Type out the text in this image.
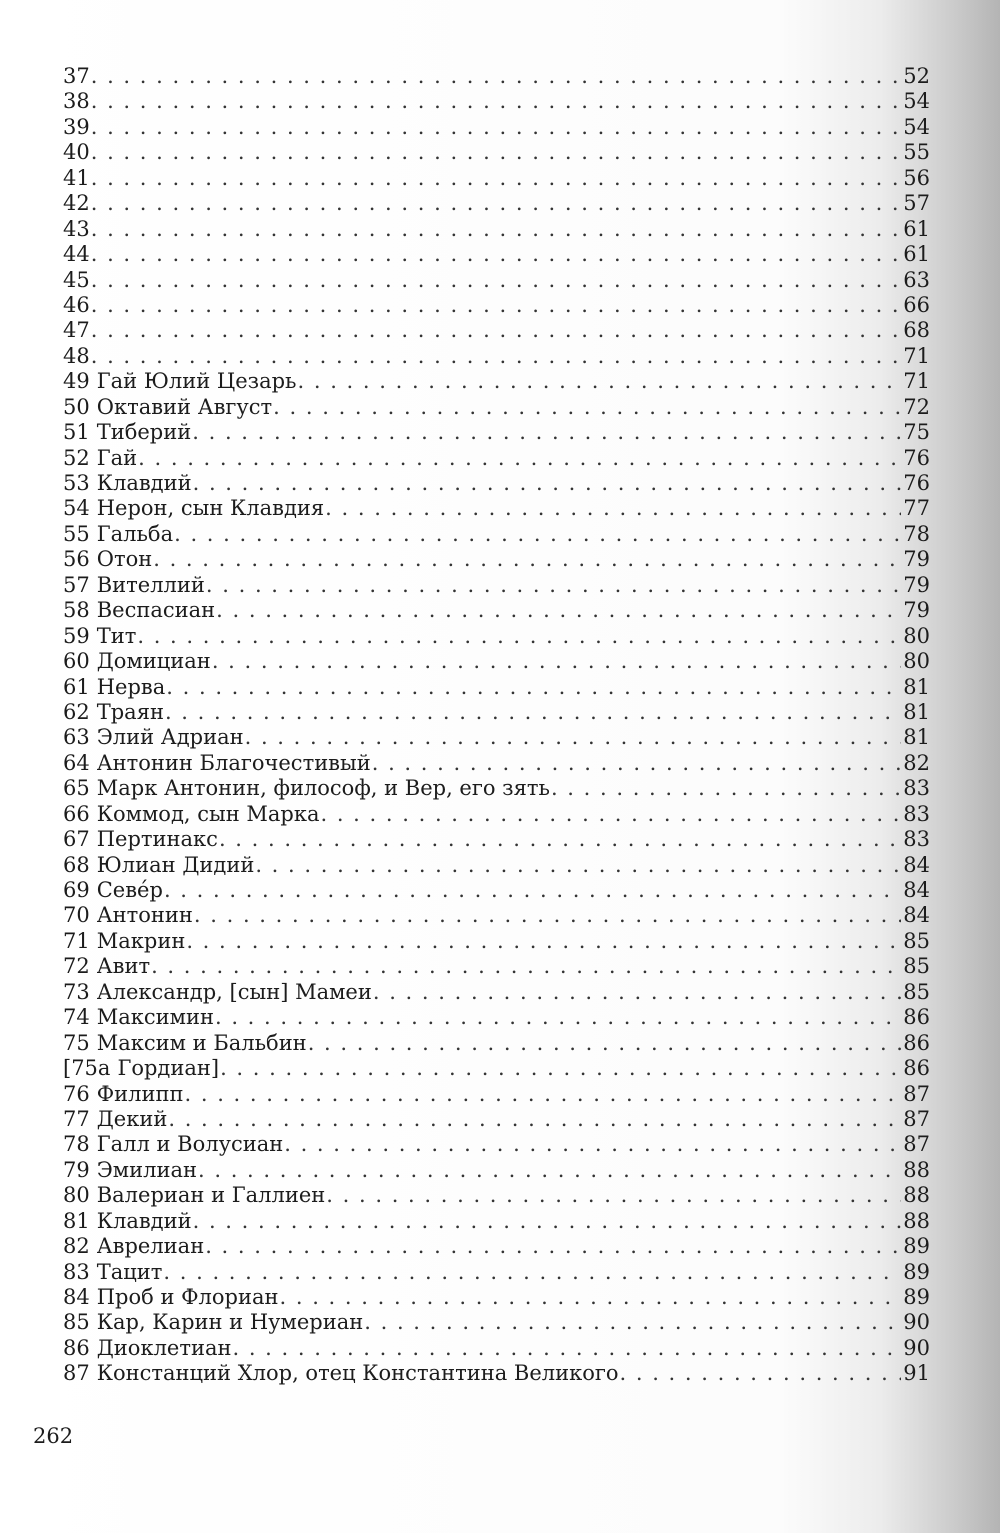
37 . . .	52
38 . . .	54
39 . . .	54
40 . . .	55
41 . . .	56
42 . . .	57
43 . . .	61
44 . . .	61
45 . . .	63
46 . . .	66
47 . . .	68
48 . . .	71
49 Гай Юлий Цезарь . . .	71
50 Октавий Август . . .	72
51 Тиберий . . .	75
52 Гай . . .	76
53 Клавдий . . .	76
54 Нерон, сын Клавдия . . .	77
55 Гальба . . .	78
56 Отон . . .	79
57 Вителлий . . .	79
58 Веспасиан . . .	79
59 Тит . . .	80
60 Домициан . . .	80
61 Нерва . . .	81
62 Траян . . .	81
63 Элий Адриан . . .	81
64 Антонин Благочестивый . . .	82
65 Марк Антонин, философ, и Вер, его зять . . .	83
66 Коммод, сын Марка . . .	83
67 Пертинакс . . .	83
68 Юлиан Дидий . . .	84
69 Севе́р . . .	84
70 Антонин . . .	84
71 Макрин . . .	85
72 Авит . . .	85
73 Александр, [сын] Мамеи . . .	85
74 Максимин . . .	86
75 Максим и Бальбин . . .	86
[75а Гордиан] . . .	86
76 Филипп . . .	87
77 Декий . . .	87
78 Галл и Волусиан . . .	87
79 Эмилиан . . .	88
80 Валериан и Галлиен . . .	88
81 Клавдий . . .	88
82 Аврелиан . . .	89
83 Тацит . . .	89
84 Проб и Флориан . . .	89
85 Кар, Карин и Нумериан . . .	90
86 Диоклетиан . . .	90
87 Констанций Хлор, отец Константина Великого . . .	91
262
